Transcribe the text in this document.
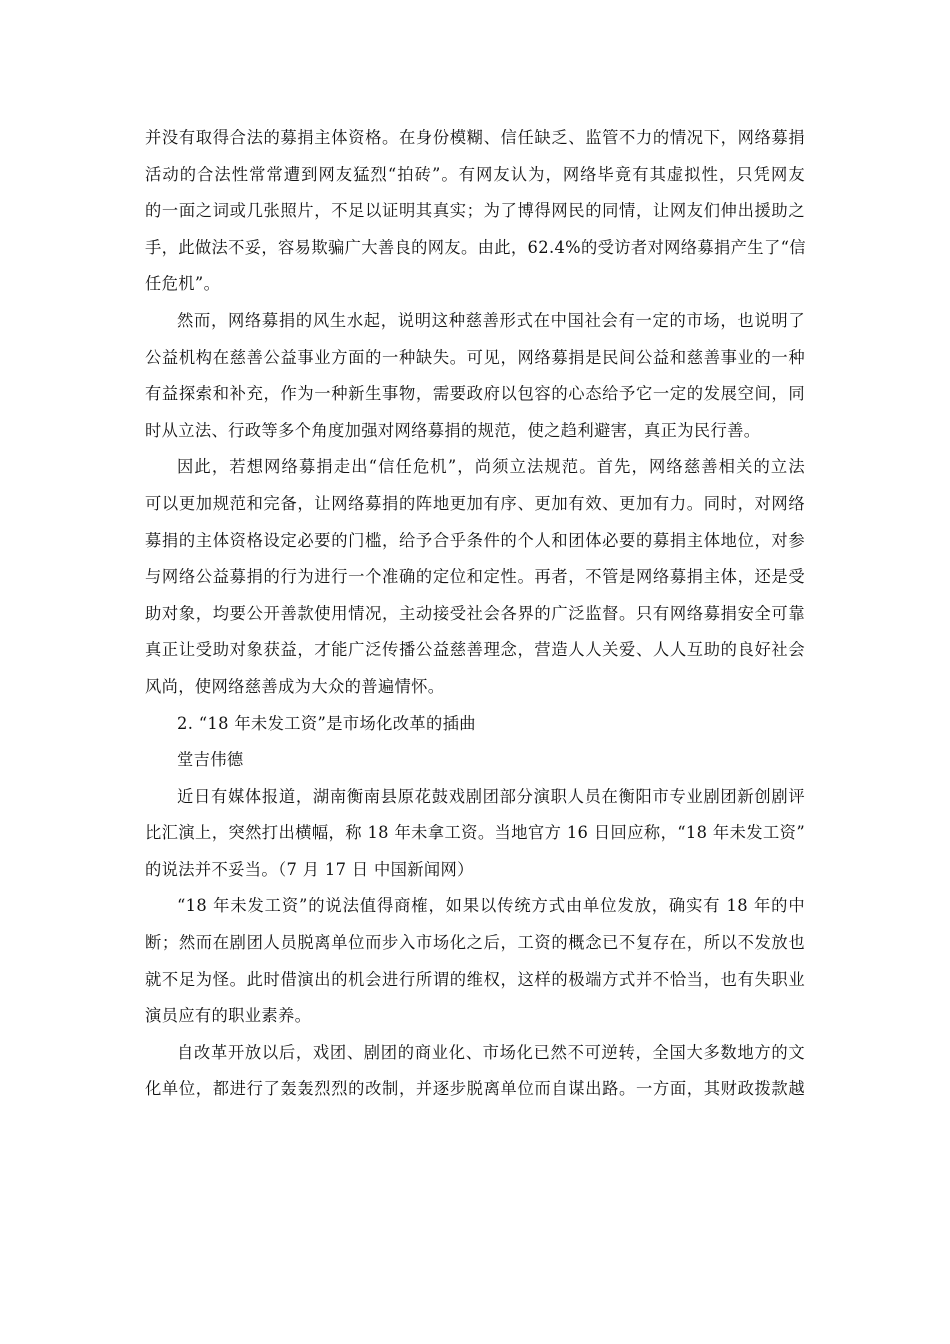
并没有取得合法的募捐主体资格。在身份模糊、信任缺乏、监管不力的情况下，网络募捐
活动的合法性常常遭到网友猛烈“拍砖”。有网友认为，网络毕竟有其虚拟性，只凭网友
的一面之词或几张照片，不足以证明其真实；为了博得网民的同情，让网友们伸出援助之
手，此做法不妥，容易欺骗广大善良的网友。由此，62.4%的受访者对网络募捐产生了“信
任危机”。
然而，网络募捐的风生水起，说明这种慈善形式在中国社会有一定的市场，也说明了
公益机构在慈善公益事业方面的一种缺失。可见，网络募捐是民间公益和慈善事业的一种
有益探索和补充，作为一种新生事物，需要政府以包容的心态给予它一定的发展空间，同
时从立法、行政等多个角度加强对网络募捐的规范，使之趋利避害，真正为民行善。
因此，若想网络募捐走出“信任危机”，尚须立法规范。首先，网络慈善相关的立法
可以更加规范和完备，让网络募捐的阵地更加有序、更加有效、更加有力。同时，对网络
募捐的主体资格设定必要的门槛，给予合乎条件的个人和团体必要的募捐主体地位，对参
与网络公益募捐的行为进行一个准确的定位和定性。再者，不管是网络募捐主体，还是受
助对象，均要公开善款使用情况，主动接受社会各界的广泛监督。只有网络募捐安全可靠
真正让受助对象获益，才能广泛传播公益慈善理念，营造人人关爱、人人互助的良好社会
风尚，使网络慈善成为大众的普遍情怀。
2. “18 年未发工资”是市场化改革的插曲
堂吉伟德
近日有媒体报道，湖南衡南县原花鼓戏剧团部分演职人员在衡阳市专业剧团新创剧评
比汇演上，突然打出横幅，称 18 年未拿工资。当地官方 16 日回应称，“18 年未发工资”
的说法并不妥当。（7 月 17 日 中国新闻网）
“18 年未发工资”的说法值得商榷，如果以传统方式由单位发放，确实有 18 年的中
断；然而在剧团人员脱离单位而步入市场化之后，工资的概念已不复存在，所以不发放也
就不足为怪。此时借演出的机会进行所谓的维权，这样的极端方式并不恰当，也有失职业
演员应有的职业素养。
自改革开放以后，戏团、剧团的商业化、市场化已然不可逆转，全国大多数地方的文
化单位，都进行了轰轰烈烈的改制，并逐步脱离单位而自谋出路。一方面，其财政拨款越
